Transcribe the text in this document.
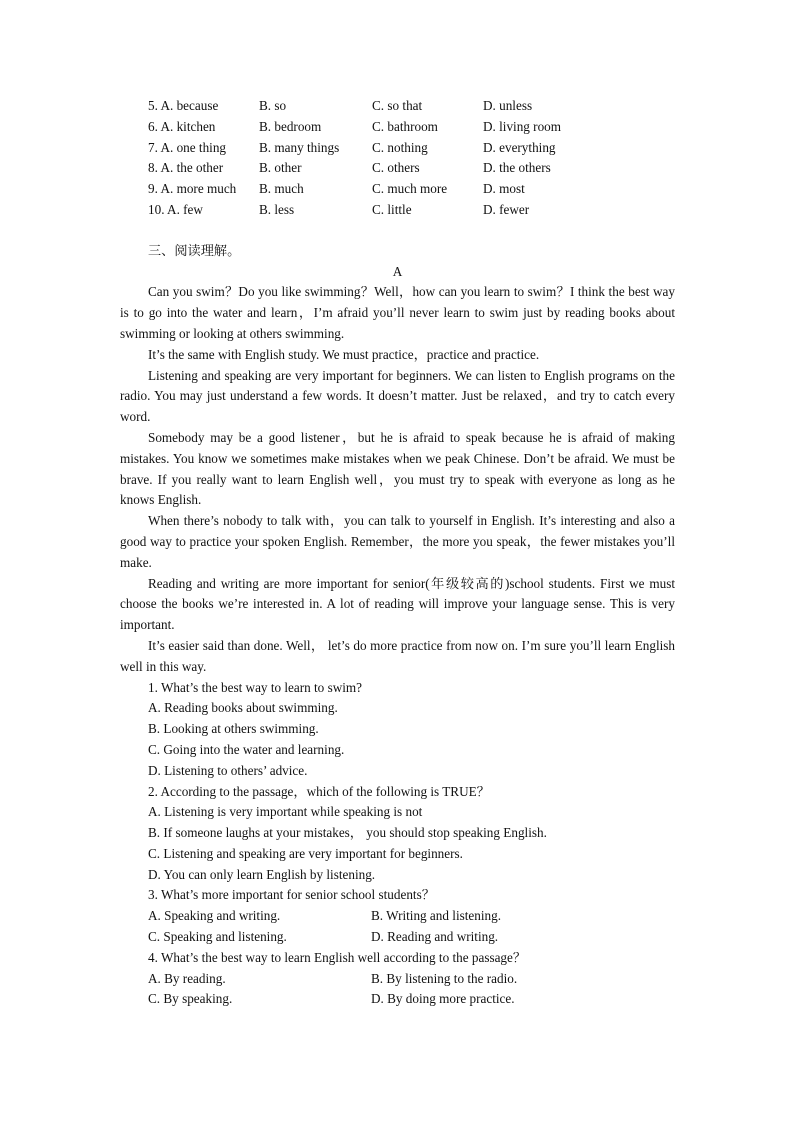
5. A. because	B. so	C. so that	D. unless
6. A. kitchen	B. bedroom	C. bathroom	D. living room
7. A. one thing	B. many things	C. nothing	D. everything
8. A. the other	B. other	C. others	D. the others
9. A. more much	B. much	C. much more	D. most
10. A. few	B. less	C. little	D. fewer
三、阅读理解。
A

Can you swim？Do you like swimming？Well，how can you learn to swim？I think the best way is to go into the water and learn，I’m afraid you’ll never learn to swim just by reading books about swimming or looking at others swimming.

It’s the same with English study. We must practice，practice and practice.

Listening and speaking are very important for beginners. We can listen to English programs on the radio. You may just understand a few words. It doesn’t matter. Just be relaxed，and try to catch every word.

Somebody may be a good listener，but he is afraid to speak because he is afraid of making mistakes. You know we sometimes make mistakes when we peak Chinese. Don’t be afraid. We must be brave. If you really want to learn English well，you must try to speak with everyone as long as he knows English.

When there’s nobody to talk with，you can talk to yourself in English. It’s interesting and also a good way to practice your spoken English. Remember，the more you speak，the fewer mistakes you’ll make.

Reading and writing are more important for senior(年级较高的)school students. First we must choose the books we’re interested in. A lot of reading will improve your language sense. This is very important.

It’s easier said than done. Well， let’s do more practice from now on. I’m sure you’ll learn English well in this way.

1. What’s the best way to learn to swim?
A. Reading books about swimming.
B. Looking at others swimming.
C. Going into the water and learning.
D. Listening to others’ advice.
2. According to the passage，which of the following is TRUE？
A. Listening is very important while speaking is not
B. If someone laughs at your mistakes， you should stop speaking English.
C. Listening and speaking are very important for beginners.
D. You can only learn English by listening.
3. What’s more important for senior school students？
A. Speaking and writing.	B. Writing and listening.
C. Speaking and listening.	D. Reading and writing.
4. What’s the best way to learn English well according to the passage？
A. By reading.	B. By listening to the radio.
C. By speaking.	D. By doing more practice.
